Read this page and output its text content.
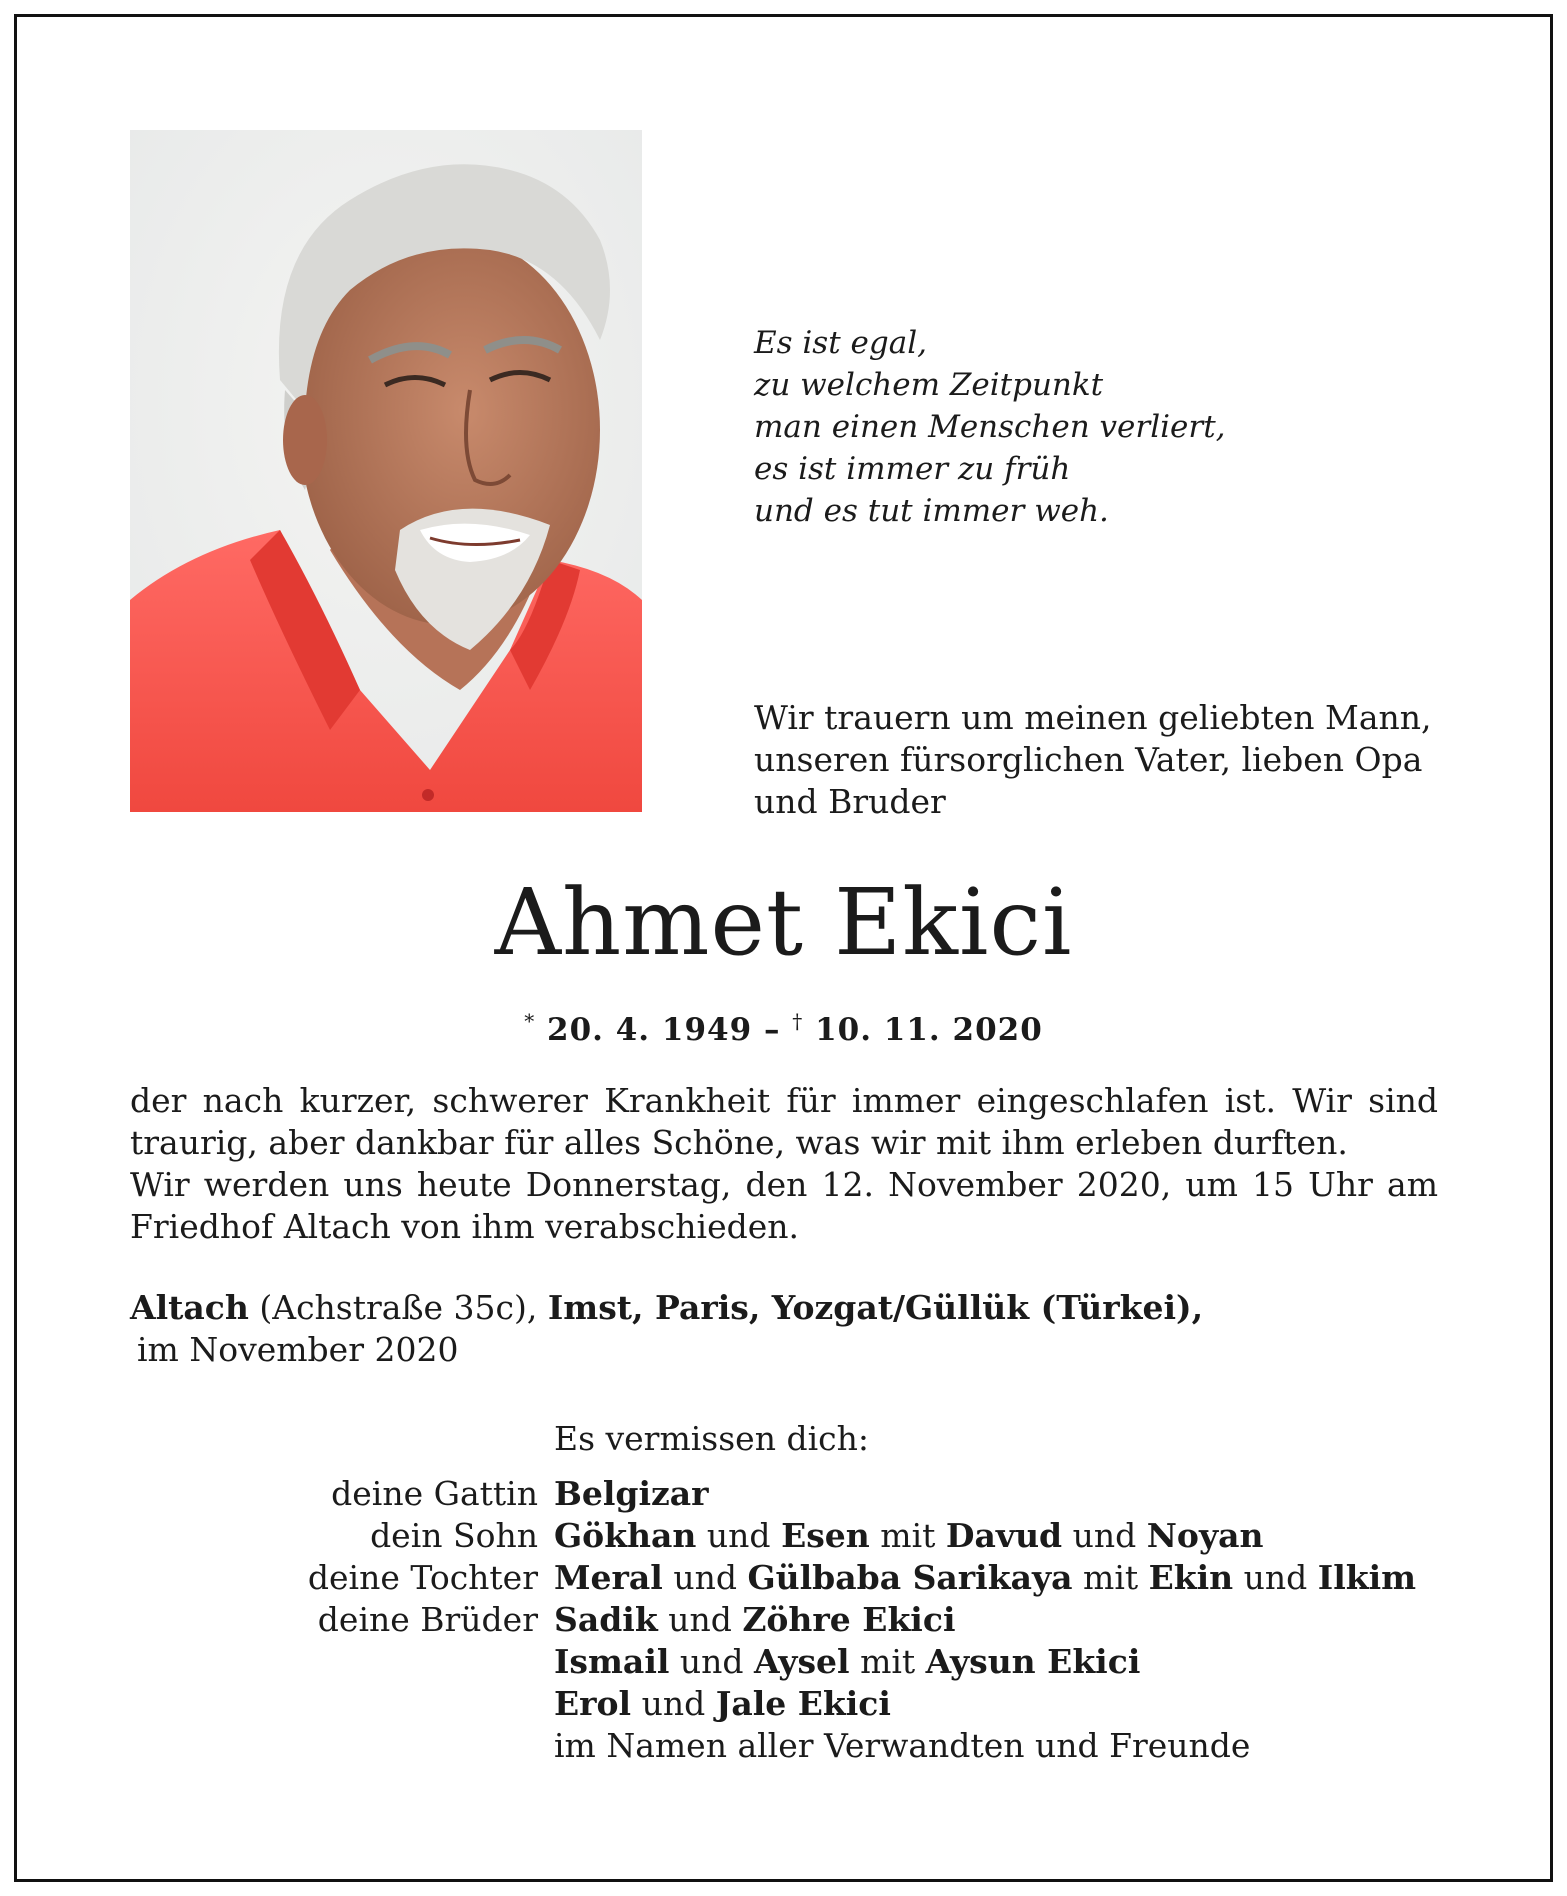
Es ist egal,
zu welchem Zeitpunkt
man einen Menschen verliert,
es ist immer zu früh
und es tut immer weh.
Wir trauern um meinen geliebten Mann,
unseren fürsorglichen Vater, lieben Opa
und Bruder
Ahmet Ekici
* 20. 4. 1949 – † 10. 11. 2020
der nach kurzer, schwerer Krankheit für immer eingeschlafen ist. Wir sind
traurig, aber dankbar für alles Schöne, was wir mit ihm erleben durften.
Wir werden uns heute Donnerstag, den 12. November 2020, um 15 Uhr am
Friedhof Altach von ihm verabschieden.
Altach (Achstraße 35c), Imst, Paris, Yozgat/Güllük (Türkei),
im November 2020
Es vermissen dich:
deine Gattin Belgizar
dein Sohn Gökhan und Esen mit Davud und Noyan
deine Tochter Meral und Gülbaba Sarikaya mit Ekin und Ilkim
deine Brüder Sadik und Zöhre Ekici
Ismail und Aysel mit Aysun Ekici
Erol und Jale Ekici
im Namen aller Verwandten und Freunde
